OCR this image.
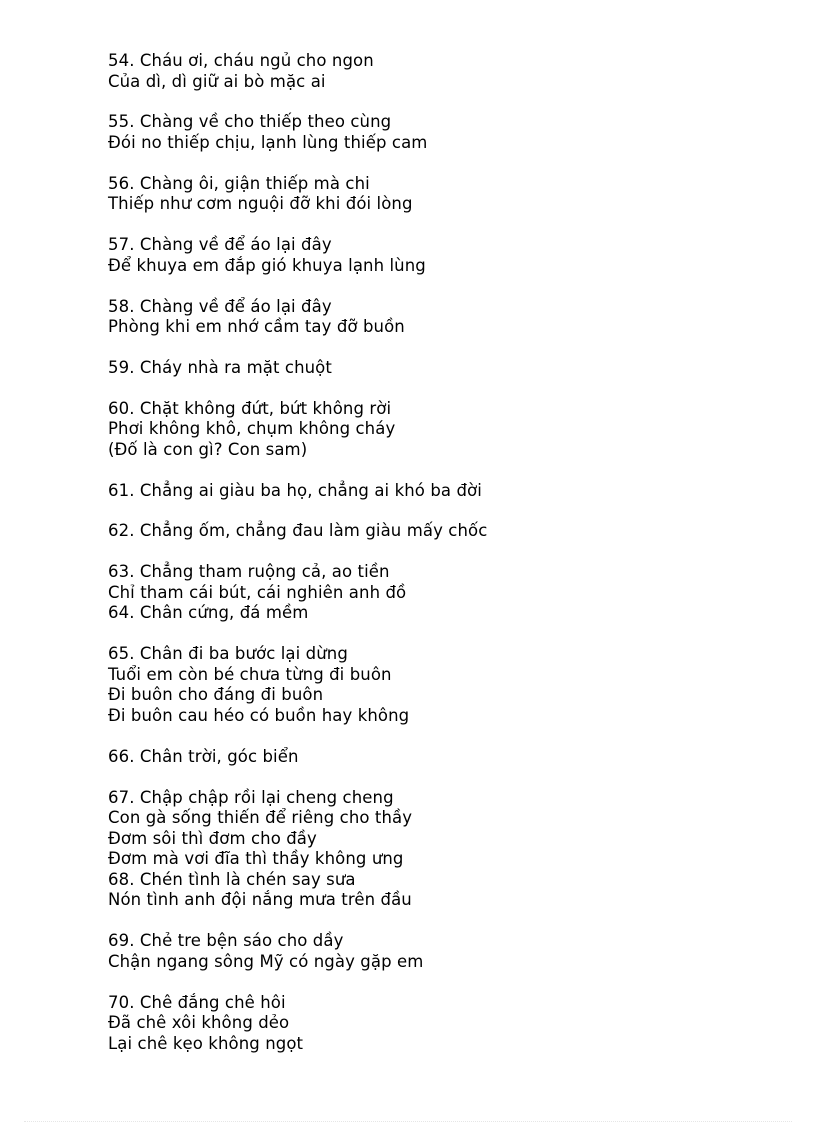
54. Cháu ơi, cháu ngủ cho ngon
Của dì, dì giữ ai bò mặc ai
55. Chàng về cho thiếp theo cùng
Đói no thiếp chịu, lạnh lùng thiếp cam
56. Chàng ôi, giận thiếp mà chi
Thiếp như cơm nguội đỡ khi đói lòng
57. Chàng về để áo lại đây
Để khuya em đắp gió khuya lạnh lùng
58. Chàng về để áo lại đây
Phòng khi em nhớ cầm tay đỡ buồn
59. Cháy nhà ra mặt chuột
60. Chặt không đứt, bứt không rời
Phơi không khô, chụm không cháy
(Đố là con gì? Con sam)
61. Chẳng ai giàu ba họ, chẳng ai khó ba đời
62. Chẳng ốm, chẳng đau làm giàu mấy chốc
63. Chẳng tham ruộng cả, ao tiền
Chỉ tham cái bút, cái nghiên anh đồ
64. Chân cứng, đá mềm
65. Chân đi ba bước lại dừng
Tuổi em còn bé chưa từng đi buôn
Đi buôn cho đáng đi buôn
Đi buôn cau héo có buồn hay không
66. Chân trời, góc biển
67. Chập chập rồi lại cheng cheng
Con gà sống thiến để riêng cho thầy
Đơm sôi thì đơm cho đầy
Đơm mà vơi đĩa thì thầy không ưng
68. Chén tình là chén say sưa
Nón tình anh đội nắng mưa trên đầu
69. Chẻ tre bện sáo cho dầy
Chận ngang sông Mỹ có ngày gặp em
70. Chê đắng chê hôi
Đã chê xôi không dẻo
Lại chê kẹo không ngọt
